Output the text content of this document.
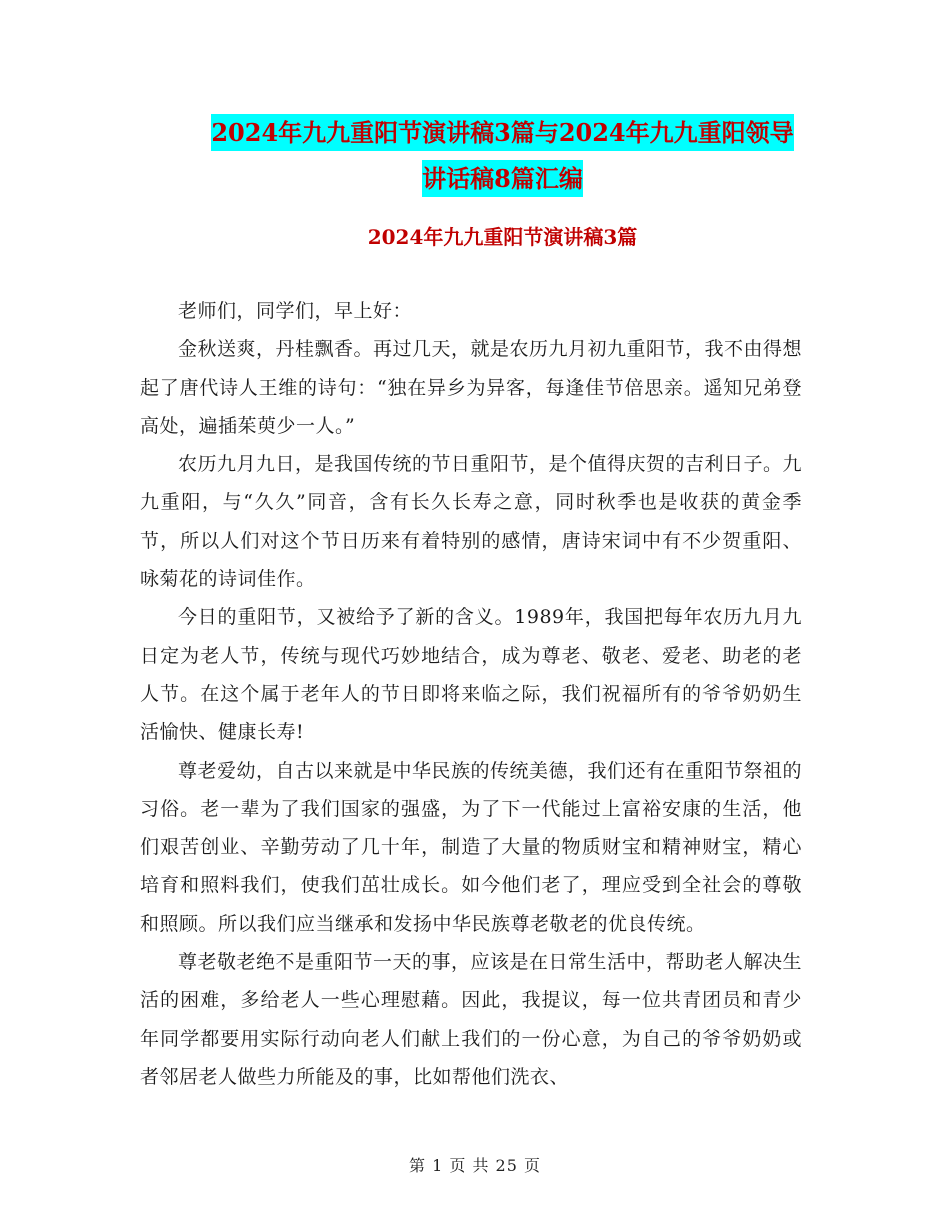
2024年九九重阳节演讲稿3篇与2024年九九重阳领导
讲话稿8篇汇编
2024年九九重阳节演讲稿3篇

老师们，同学们，早上好：

金秋送爽，丹桂飘香。再过几天，就是农历九月初九重阳节，我不由得想起了唐代诗人王维的诗句：“独在异乡为异客，每逢佳节倍思亲。遥知兄弟登高处，遍插茱萸少一人。”

农历九月九日，是我国传统的节日重阳节，是个值得庆贺的吉利日子。九九重阳，与“久久”同音，含有长久长寿之意，同时秋季也是收获的黄金季节，所以人们对这个节日历来有着特别的感情，唐诗宋词中有不少贺重阳、咏菊花的诗词佳作。

今日的重阳节，又被给予了新的含义。1989年，我国把每年农历九月九日定为老人节，传统与现代巧妙地结合，成为尊老、敬老、爱老、助老的老人节。在这个属于老年人的节日即将来临之际，我们祝福所有的爷爷奶奶生活愉快、健康长寿!

尊老爱幼，自古以来就是中华民族的传统美德，我们还有在重阳节祭祖的习俗。老一辈为了我们国家的强盛，为了下一代能过上富裕安康的生活，他们艰苦创业、辛勤劳动了几十年，制造了大量的物质财宝和精神财宝，精心培育和照料我们，使我们茁壮成长。如今他们老了，理应受到全社会的尊敬和照顾。所以我们应当继承和发扬中华民族尊老敬老的优良传统。

尊老敬老绝不是重阳节一天的事，应该是在日常生活中，帮助老人解决生活的困难，多给老人一些心理慰藉。因此，我提议，每一位共青团员和青少年同学都要用实际行动向老人们献上我们的一份心意，为自己的爷爷奶奶或者邻居老人做些力所能及的事，比如帮他们洗衣、

第 1 页 共 25 页
